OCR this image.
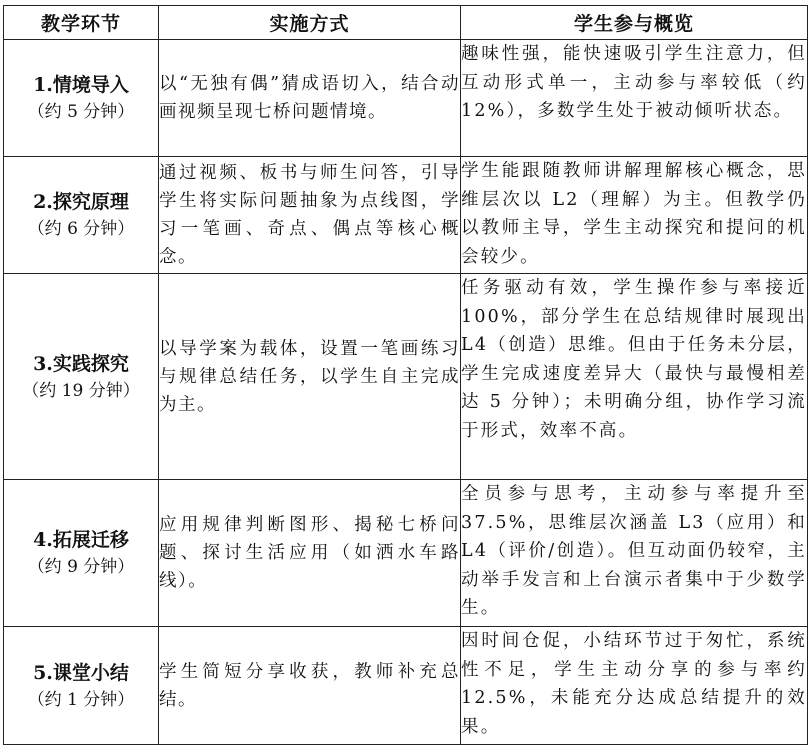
教学环节	实施方式	学生参与概览

1.情境导入
（约 5 分钟）	以“无独有偶”猜成语切入，结合动画视频呈现七桥问题情境。	趣味性强，能快速吸引学生注意力，但互动形式单一，主动参与率较低（约 12%），多数学生处于被动倾听状态。

2.探究原理
（约 6 分钟）	通过视频、板书与师生问答，引导学生将实际问题抽象为点线图，学习一笔画、奇点、偶点等核心概念。	学生能跟随教师讲解理解核心概念，思维层次以 L2（理解）为主。但教学仍以教师主导，学生主动探究和提问的机会较少。

3.实践探究
（约 19 分钟）	以导学案为载体，设置一笔画练习与规律总结任务，以学生自主完成为主。	任务驱动有效，学生操作参与率接近 100%，部分学生在总结规律时展现出 L4（创造）思维。但由于任务未分层，学生完成速度差异大（最快与最慢相差达 5 分钟）；未明确分组，协作学习流于形式，效率不高。

4.拓展迁移
（约 9 分钟）	应用规律判断图形、揭秘七桥问题、探讨生活应用（如洒水车路线）。	全员参与思考，主动参与率提升至 37.5%，思维层次涵盖 L3（应用）和 L4（评价/创造）。但互动面仍较窄，主动举手发言和上台演示者集中于少数学生。

5.课堂小结
（约 1 分钟）	学生简短分享收获，教师补充总结。	因时间仓促，小结环节过于匆忙，系统性不足，学生主动分享的参与率约 12.5%，未能充分达成总结提升的效果。
